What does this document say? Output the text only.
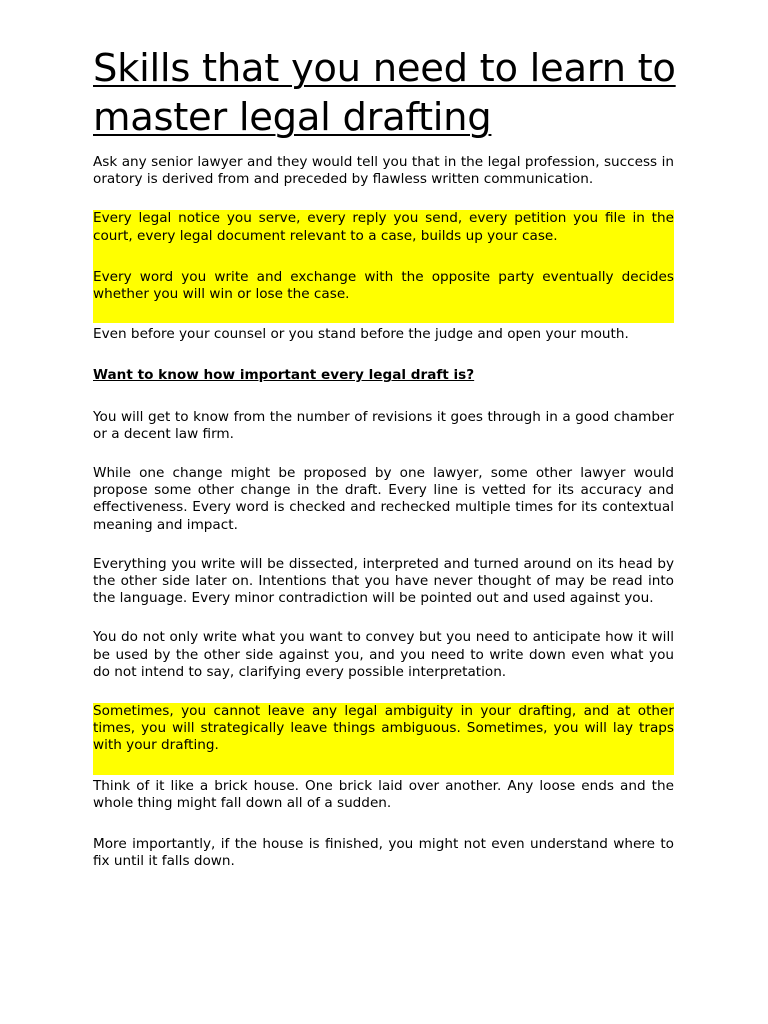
Skills that you need to learn to
master legal drafting

Ask any senior lawyer and they would tell you that in the legal profession, success in oratory is derived from and preceded by flawless written communication.

Every legal notice you serve, every reply you send, every petition you file in the court, every legal document relevant to a case, builds up your case.

Every word you write and exchange with the opposite party eventually decides whether you will win or lose the case.

Even before your counsel or you stand before the judge and open your mouth.

Want to know how important every legal draft is?

You will get to know from the number of revisions it goes through in a good chamber or a decent law firm.

While one change might be proposed by one lawyer, some other lawyer would propose some other change in the draft. Every line is vetted for its accuracy and effectiveness. Every word is checked and rechecked multiple times for its contextual meaning and impact.

Everything you write will be dissected, interpreted and turned around on its head by the other side later on. Intentions that you have never thought of may be read into the language. Every minor contradiction will be pointed out and used against you.

You do not only write what you want to convey but you need to anticipate how it will be used by the other side against you, and you need to write down even what you do not intend to say, clarifying every possible interpretation.

Sometimes, you cannot leave any legal ambiguity in your drafting, and at other times, you will strategically leave things ambiguous. Sometimes, you will lay traps with your drafting.

Think of it like a brick house. One brick laid over another. Any loose ends and the whole thing might fall down all of a sudden.

More importantly, if the house is finished, you might not even understand where to fix until it falls down.
